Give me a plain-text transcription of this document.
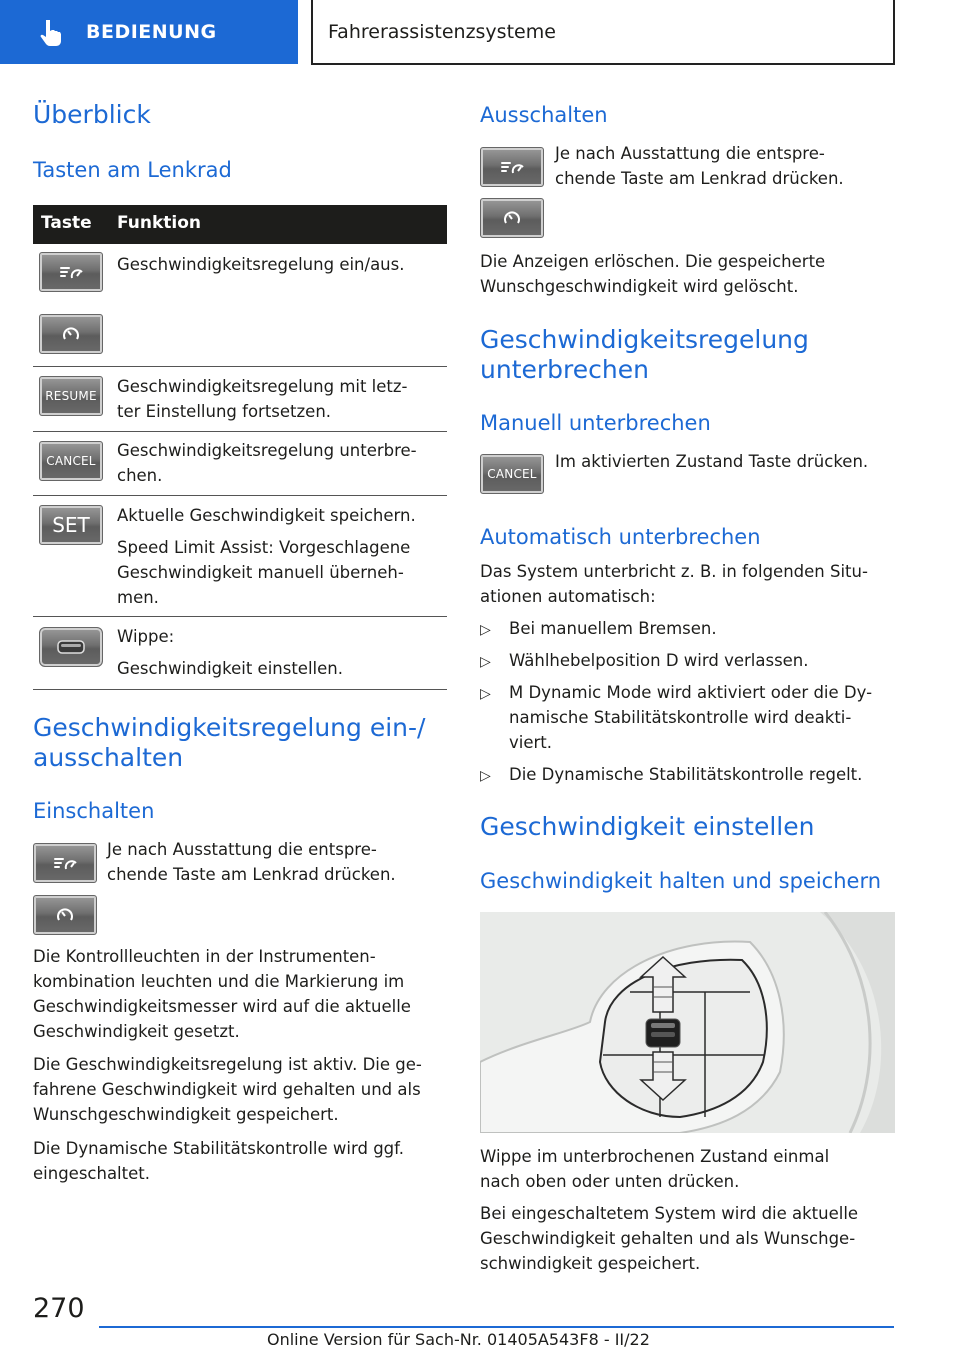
BEDIENUNG	Fahrerassistenzsysteme
Überblick
Tasten am Lenkrad
Taste Funktion
Geschwindigkeitsregelung ein/aus.
RESUME	Geschwindigkeitsregelung mit letz-
ter Einstellung fortsetzen.
CANCEL
Geschwindigkeitsregelung unterbre-
chen.
SET	Aktuelle Geschwindigkeit speichern.
Speed Limit Assist: Vorgeschlagene
Geschwindigkeit manuell überneh-
men.
Wippe:
Geschwindigkeit einstellen.
Geschwindigkeitsregelung ein-/
ausschalten
Einschalten
Je nach Ausstattung die entspre-
chende Taste am Lenkrad drücken.
Die Kontrollleuchten in der Instrumenten-
kombination leuchten und die Markierung im
Geschwindigkeitsmesser wird auf die aktuelle
Geschwindigkeit gesetzt.
Die Geschwindigkeitsregelung ist aktiv. Die ge-
fahrene Geschwindigkeit wird gehalten und als
Wunschgeschwindigkeit gespeichert.
Die Dynamische Stabilitätskontrolle wird ggf.
eingeschaltet.
Ausschalten
Je nach Ausstattung die entspre-
chende Taste am Lenkrad drücken.
Die Anzeigen erlöschen. Die gespeicherte
Wunschgeschwindigkeit wird gelöscht.
Geschwindigkeitsregelung
unterbrechen
Manuell unterbrechen
CANCEL
Im aktivierten Zustand Taste drücken.
Automatisch unterbrechen
Das System unterbricht z. B. in folgenden Situ-
ationen automatisch:
▷ Bei manuellem Bremsen.
▷ Wählhebelposition D wird verlassen.
▷ M Dynamic Mode wird aktiviert oder die Dy-
namische Stabilitätskontrolle wird deakti-
viert.
▷ Die Dynamische Stabilitätskontrolle regelt.
Geschwindigkeit einstellen
Geschwindigkeit halten und speichern
Wippe im unterbrochenen Zustand einmal
nach oben oder unten drücken.
Bei eingeschaltetem System wird die aktuelle
Geschwindigkeit gehalten und als Wunschge-
schwindigkeit gespeichert.
270
Online Version für Sach-Nr. 01405A543F8 - II/22
